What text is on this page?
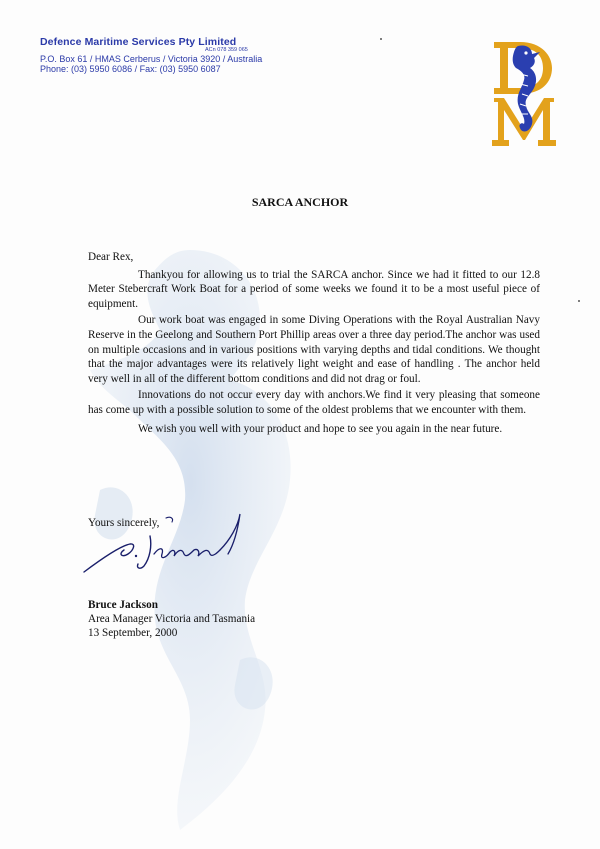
Defence Maritime Services Pty Limited
ACn 078 359 065
P.O. Box 61 / HMAS Cerberus / Victoria 3920 / Australia
Phone: (03) 5950 6086 / Fax: (03) 5950 6087
SARCA ANCHOR

Dear Rex,

Thankyou for allowing us to trial the SARCA anchor. Since we had it fitted to our 12.8 Meter Stebercraft Work Boat for a period of some weeks we found it to be a most useful piece of equipment.

Our work boat was engaged in some Diving Operations with the Royal Australian Navy Reserve in the Geelong and Southern Port Phillip areas over a three day period.The anchor was used on multiple occasions and in various positions with varying depths and tidal conditions. We thought that the major advantages were its relatively light weight and ease of handling . The anchor held very well in all of the different bottom conditions and did not drag or foul.

Innovations do not occur every day with anchors.We find it very pleasing that someone has come up with a possible solution to some of the oldest problems that we encounter with them.

We wish you well with your product and hope to see you again in the near future.

Yours sincerely,
Bruce Jackson
Area Manager Victoria and Tasmania
13 September, 2000
